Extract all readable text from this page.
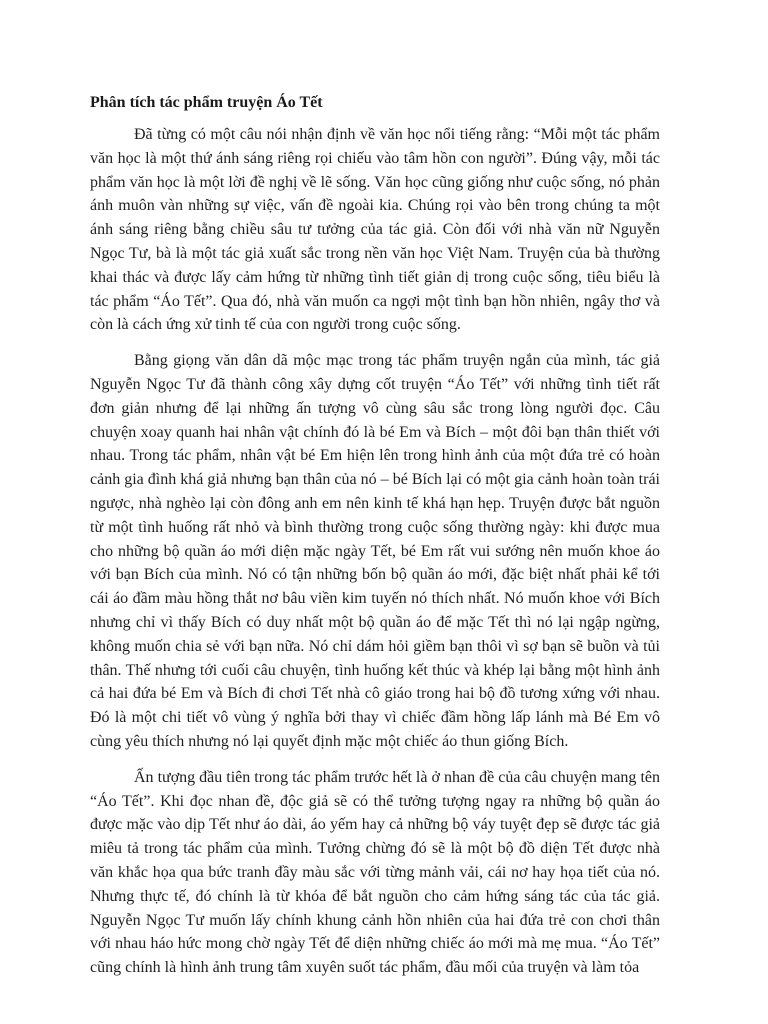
Phân tích tác phẩm truyện Áo Tết

Đã từng có một câu nói nhận định về văn học nổi tiếng rằng: “Mỗi một tác phẩm văn học là một thứ ánh sáng riêng rọi chiếu vào tâm hồn con người”. Đúng vậy, mỗi tác phẩm văn học là một lời đề nghị về lẽ sống. Văn học cũng giống như cuộc sống, nó phản ánh muôn vàn những sự việc, vấn đề ngoài kia. Chúng rọi vào bên trong chúng ta một ánh sáng riêng bằng chiều sâu tư tưởng của tác giả. Còn đối với nhà văn nữ Nguyễn Ngọc Tư, bà là một tác giả xuất sắc trong nền văn học Việt Nam. Truyện của bà thường khai thác và được lấy cảm hứng từ những tình tiết giản dị trong cuộc sống, tiêu biểu là tác phẩm “Áo Tết”. Qua đó, nhà văn muốn ca ngợi một tình bạn hồn nhiên, ngây thơ và còn là cách ứng xử tinh tế của con người trong cuộc sống.

Bằng giọng văn dân dã mộc mạc trong tác phẩm truyện ngắn của mình, tác giả Nguyễn Ngọc Tư đã thành công xây dựng cốt truyện “Áo Tết” với những tình tiết rất đơn giản nhưng để lại những ấn tượng vô cùng sâu sắc trong lòng người đọc. Câu chuyện xoay quanh hai nhân vật chính đó là bé Em và Bích – một đôi bạn thân thiết với nhau. Trong tác phẩm, nhân vật bé Em hiện lên trong hình ảnh của một đứa trẻ có hoàn cảnh gia đình khá giả nhưng bạn thân của nó – bé Bích lại có một gia cảnh hoàn toàn trái ngược, nhà nghèo lại còn đông anh em nên kinh tế khá hạn hẹp. Truyện được bắt nguồn từ một tình huống rất nhỏ và bình thường trong cuộc sống thường ngày: khi được mua cho những bộ quần áo mới diện mặc ngày Tết, bé Em rất vui sướng nên muốn khoe áo với bạn Bích của mình. Nó có tận những bốn bộ quần áo mới, đặc biệt nhất phải kể tới cái áo đầm màu hồng thắt nơ bâu viền kim tuyến nó thích nhất. Nó muốn khoe với Bích nhưng chỉ vì thấy Bích có duy nhất một bộ quần áo để mặc Tết thì nó lại ngập ngừng, không muốn chia sẻ với bạn nữa. Nó chỉ dám hỏi giềm bạn thôi vì sợ bạn sẽ buồn và tủi thân. Thế nhưng tới cuối câu chuyện, tình huống kết thúc và khép lại bằng một hình ảnh cả hai đứa bé Em và Bích đi chơi Tết nhà cô giáo trong hai bộ đồ tương xứng với nhau. Đó là một chi tiết vô vùng ý nghĩa bởi thay vì chiếc đầm hồng lấp lánh mà Bé Em vô cùng yêu thích nhưng nó lại quyết định mặc một chiếc áo thun giống Bích.

Ấn tượng đầu tiên trong tác phẩm trước hết là ở nhan đề của câu chuyện mang tên “Áo Tết”. Khi đọc nhan đề, độc giả sẽ có thể tưởng tượng ngay ra những bộ quần áo được mặc vào dịp Tết như áo dài, áo yếm hay cả những bộ váy tuyệt đẹp sẽ được tác giả miêu tả trong tác phẩm của mình. Tưởng chừng đó sẽ là một bộ đồ diện Tết được nhà văn khắc họa qua bức tranh đầy màu sắc với từng mảnh vải, cái nơ hay họa tiết của nó. Nhưng thực tế, đó chính là từ khóa để bắt nguồn cho cảm hứng sáng tác của tác giả. Nguyễn Ngọc Tư muốn lấy chính khung cảnh hồn nhiên của hai đứa trẻ con chơi thân với nhau háo hức mong chờ ngày Tết để diện những chiếc áo mới mà mẹ mua. “Áo Tết” cũng chính là hình ảnh trung tâm xuyên suốt tác phẩm, đầu mối của truyện và làm tỏa
